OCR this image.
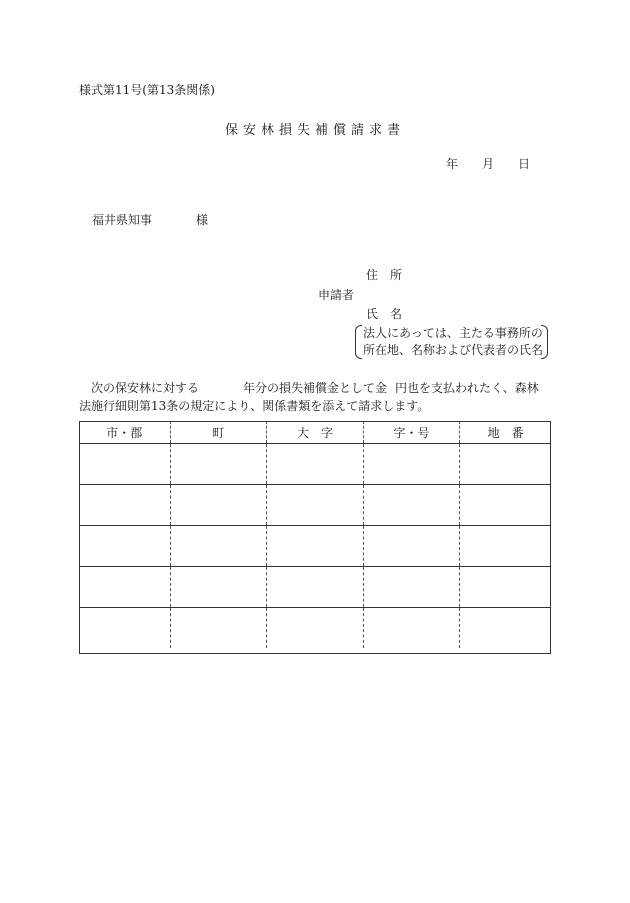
様式第11号(第13条関係)
保安林損失補償請求書
年 月 日
福井県知事	様
住　所
申請者
氏　名
法人にあっては、主たる事務所の
所在地、名称および代表者の氏名
次の保安林に対する	年分の損失補償金として金 円也を支払われたく、森林
法施行細則第13条の規定により、関係書類を添えて請求します。
市・郡	町	大　字	字・号	地　番
